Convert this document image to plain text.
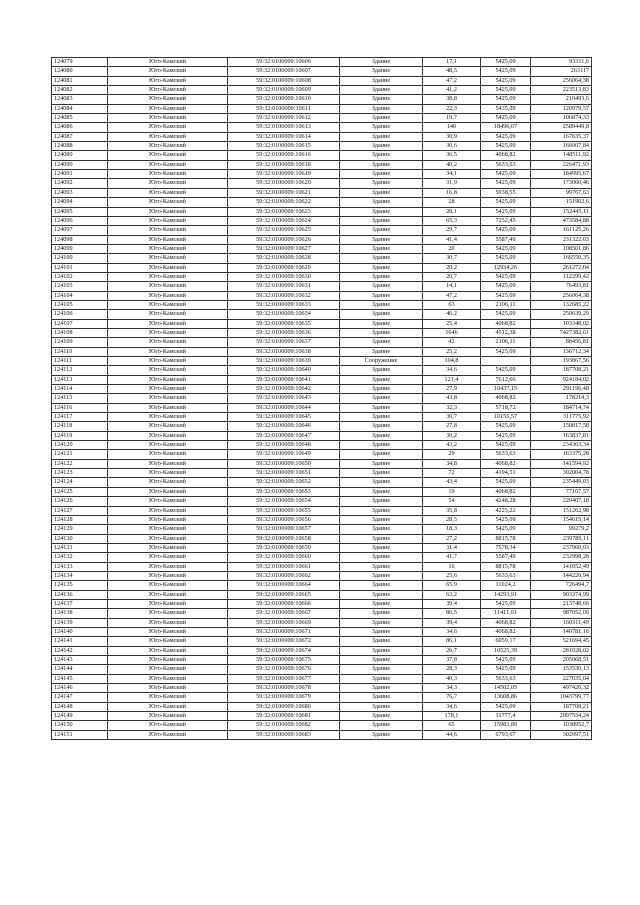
124079	Юго-Камский	59:32:0100009:10606	Здание	17,1	5425,09	93311,6
124080	Юго-Камский	59:32:0100009:10607	Здание	48,5	5425,09	263117
124081	Юго-Камский	59:32:0100009:10608	Здание	47,2	5425,09	256064,38
124082	Юго-Камский	59:32:0100009:10609	Здание	41,2	5425,09	223513,83
124083	Юго-Камский	59:32:0100009:10610	Здание	38,8	5425,09	210493,6
124084	Юго-Камский	59:32:0100009:10611	Здание	22,3	5435,09	120979,57
124085	Юго-Камский	59:32:0100009:10612	Здание	19,7	5425,09	106874,33
124086	Юго-Камский	59:32:0100009:10613	Здание	140	18496,07	2589449,8
124087	Юго-Камский	59:32:0100009:10614	Здание	30,9	5425,09	167635,37
124088	Юго-Камский	59:32:0100009:10615	Здание	30,6	5425,09	166007,84
124089	Юго-Камский	59:32:0100009:10616	Здание	36,5	4068,82	148511,92
124090	Юго-Камский	59:32:0100009:10618	Здание	40,2	5633,63	226471,93
124091	Юго-Камский	59:32:0100009:10619	Здание	34,1	5425,09	184995,67
124092	Юго-Камский	59:32:0100009:10620	Здание	31,9	5425,09	173060,46
124093	Юго-Камский	59:32:0100009:10621	Здание	16,8	5938,55	99767,63
124094	Юго-Камский	59:32:0100009:10622	Здание	28	5425,09	151902,6
124095	Юго-Камский	59:32:0100009:10623	Здание	28,1	5425,09	152445,11
124096	Юго-Камский	59:32:0100009:10624	Здание	65,3	7252,45	473584,88
124097	Юго-Камский	59:32:0100009:10625	Здание	29,7	5425,09	161125,26
124098	Юго-Камский	59:32:0100009:10626	Здание	41,4	5587,49	231322,03
124099	Юго-Камский	59:32:0100009:10627	Здание	20	5425,09	108501,86
124100	Юго-Камский	59:32:0100009:10628	Здание	30,7	5425,09	166550,35
124101	Юго-Камский	59:32:0100009:10629	Здание	20,2	12934,26	261272,04
124102	Юго-Камский	59:32:0100009:10630	Здание	20,7	5425,09	112299,42
124103	Юго-Камский	59:32:0100009:10631	Здание	14,1	5425,09	76493,81
124104	Юго-Камский	59:32:0100009:10632	Здание	47,2	5425,09	256064,38
124105	Юго-Камский	59:32:0100009:10633	Здание	63	2106,11	132685,22
124106	Юго-Камский	59:32:0100009:10634	Здание	46,2	5425,09	250639,29
124107	Юго-Камский	59:32:0100009:10635	Здание	25,4	4068,82	103348,02
124108	Юго-Камский	59:32:0100009:10636	Здание	1646	4512,38	7427382,61
124109	Юго-Камский	59:32:0100009:10637	Здание	42	2106,11	88456,81
124110	Юго-Камский	59:32:0100009:10638	Здание	25,2	5425,09	136712,34
124111	Юго-Камский	59:32:0100009:10639	Сооружение	104,8		193867,56
124112	Юго-Камский	59:32:0100009:10640	Здание	34,6	5425,09	187708,21
124113	Юго-Камский	59:32:0100009:10641	Здание	121,4	7612,66	924184,02
124114	Юго-Камский	59:32:0100009:10642	Здание	27,9	10437,15	291196,48
124115	Юго-Камский	59:32:0100009:10643	Здание	43,8	4068,82	178214,3
124116	Юго-Камский	59:32:0100009:10644	Здание	32,3	5718,72	184714,74
124117	Юго-Камский	59:32:0100009:10645	Здание	30,7	10155,57	311775,92
124118	Юго-Камский	59:32:0100009:10646	Здание	27,8	5425,09	150817,58
124119	Юго-Камский	59:32:0100009:10647	Здание	30,2	5425,09	163837,81
124120	Юго-Камский	59:32:0100009:10648	Здание	43,2	5425,09	234363,34
124121	Юго-Камский	59:32:0100009:10649	Здание	29	5633,63	163375,28
124122	Юго-Камский	59:32:0100009:10650	Здание	34,8	4068,82	141594,92
124123	Юго-Камский	59:32:0100009:10651	Здание	72	4194,51	302004,78
124124	Юго-Камский	59:32:0100009:10652	Здание	43,4	5425,09	235449,03
124125	Юго-Камский	59:32:0100009:10653	Здание	19	4068,82	77107,57
124126	Юго-Камский	59:32:0100009:10654	Здание	54	4248,28	229407,18
124127	Юго-Камский	59:32:0100009:10655	Здание	35,8	4225,22	151262,98
124128	Юго-Камский	59:32:0100009:10656	Здание	28,5	5425,09	154615,14
124129	Юго-Камский	59:32:0100009:10657	Здание	18,3	5425,09	99279,2
124130	Юго-Камский	59:32:0100009:10658	Здание	27,2	8815,78	239789,11
124131	Юго-Камский	59:32:0100009:10659	Здание	31,4	7578,34	237960,03
124132	Юго-Камский	59:32:0100009:10660	Здание	41,7	5587,49	232998,28
124133	Юго-Камский	59:32:0100009:10661	Здание	16	8815,78	141052,49
124134	Юго-Камский	59:32:0100009:10662	Здание	25,6	5633,63	144220,94
124135	Юго-Камский	59:32:0100009:10664	Здание	65,9	11024,2	726494,7
124136	Юго-Камский	59:32:0100009:10665	Здание	63,2	14293,91	903374,99
124137	Юго-Камский	59:32:0100009:10666	Здание	39,4	5425,09	213748,66
124138	Юго-Камский	59:32:0100009:10667	Здание	86,5	11411,01	987052,09
124139	Юго-Камский	59:32:0100009:10669	Здание	39,4	4068,82	160311,49
124140	Юго-Камский	59:32:0100009:10671	Здание	34,6	4068,82	140781,16
124141	Юго-Камский	59:32:0100009:10672	Здание	86,1	6059,17	521694,45
124142	Юго-Камский	59:32:0100009:10674	Здание	26,7	10525,39	281028,02
124143	Юго-Камский	59:32:0100009:10675	Здание	37,8	5425,09	205068,51
124144	Юго-Камский	59:32:0100009:10676	Здание	28,3	5425,09	153530,13
124145	Юго-Камский	59:32:0100009:10677	Здание	40,3	5633,63	227035,04
124146	Юго-Камский	59:32:0100009:10678	Здание	34,3	14502,05	497420,32
124147	Юго-Камский	59:32:0100009:10679	Здание	76,7	13608,86	1043799,77
124148	Юго-Камский	59:32:0100009:10680	Здание	34,6	5425,09	187708,21
124149	Юго-Камский	59:32:0100009:10681	Здание	178,1	11777,4	2097554,24
124150	Юго-Камский	59:32:0100009:10682	Здание	65	15983,89	1038952,7
124151	Юго-Камский	59:32:0100009:10683	Здание	44,6	6793,67	302997,51
